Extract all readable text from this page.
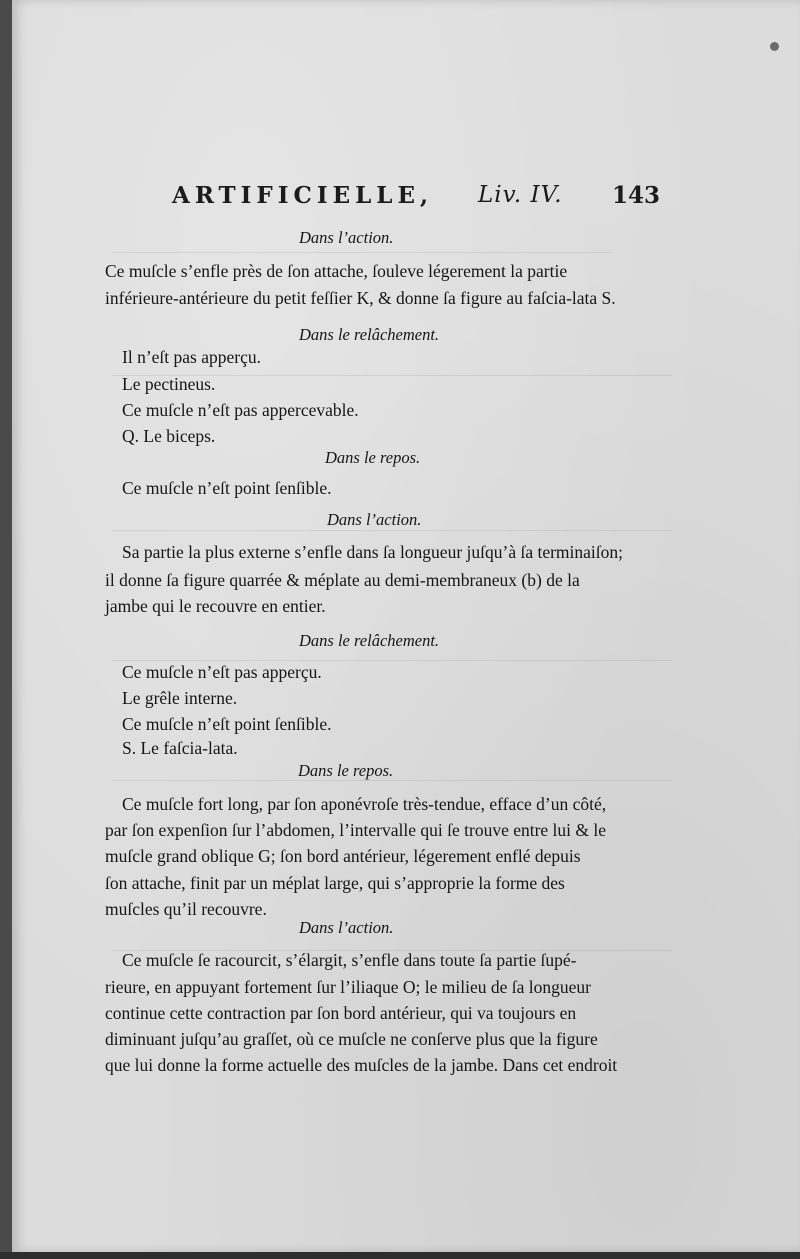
ARTIFICIELLE, Liv. IV. 143
Dans l’action.
Ce muſcle s’enfle près de ſon attache, ſouleve légerement la partie
inférieure-antérieure du petit feſſier K, & donne ſa figure au faſcia-lata S.
Dans le relâchement.
Il n’eſt pas apperçu.
Le pectineus.
Ce muſcle n’eſt pas appercevable.
Q. Le biceps.
Dans le repos.
Ce muſcle n’eſt point ſenſible.
Dans l’action.
Sa partie la plus externe s’enfle dans ſa longueur juſqu’à ſa terminaiſon;
il donne ſa figure quarrée & méplate au demi-membraneux (b) de la
jambe qui le recouvre en entier.
Dans le relâchement.
Ce muſcle n’eſt pas apperçu.
Le grêle interne.
Ce muſcle n’eſt point ſenſible.
S. Le faſcia-lata.
Dans le repos.
Ce muſcle fort long, par ſon aponévroſe très-tendue, efface d’un côté,
par ſon expenſion ſur l’abdomen, l’intervalle qui ſe trouve entre lui & le
muſcle grand oblique G; ſon bord antérieur, légerement enflé depuis
ſon attache, finit par un méplat large, qui s’approprie la forme des
muſcles qu’il recouvre.
Dans l’action.
Ce muſcle ſe racourcit, s’élargit, s’enfle dans toute ſa partie ſupé-
rieure, en appuyant fortement ſur l’iliaque O; le milieu de ſa longueur
continue cette contraction par ſon bord antérieur, qui va toujours en
diminuant juſqu’au graſſet, où ce muſcle ne conſerve plus que la figure
que lui donne la forme actuelle des muſcles de la jambe. Dans cet endroit
